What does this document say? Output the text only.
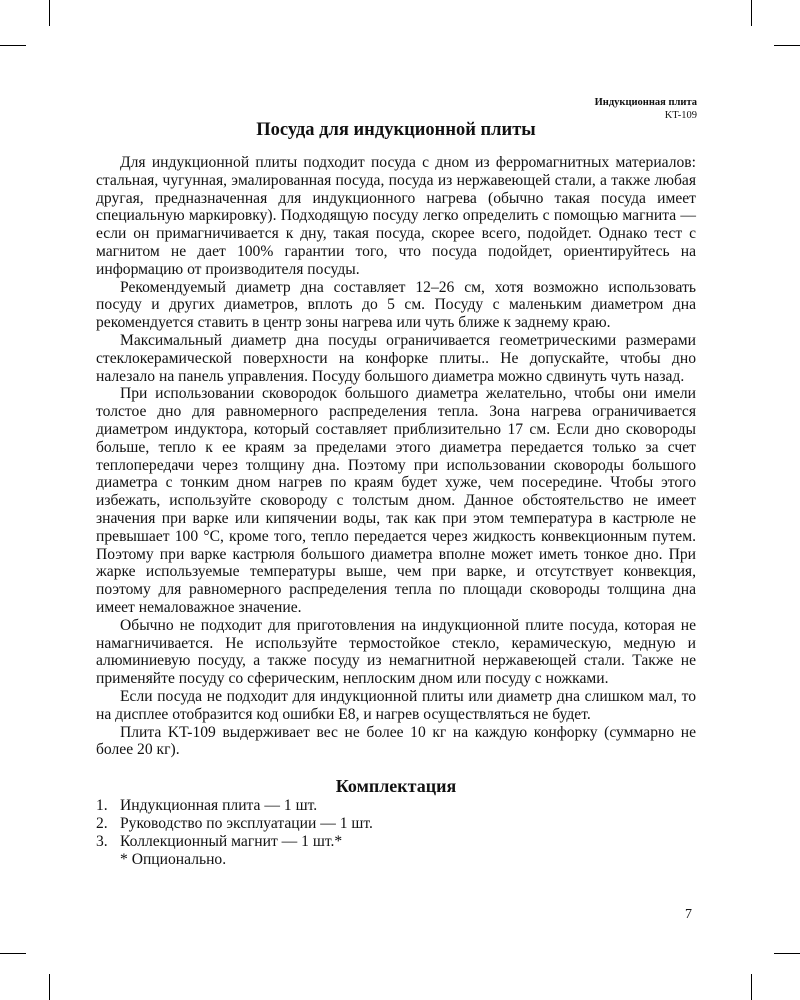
Индукционная плита
KT-109
Посуда для индукционной плиты

Для индукционной плиты подходит посуда с дном из ферромагнитных материалов: стальная, чугунная, эмалированная посуда, посуда из нержавеющей стали, а также любая другая, предназначенная для индукционного нагрева (обычно такая посуда имеет специальную маркировку). Подходящую посуду легко определить с помощью магнита — если он примагничивается к дну, такая посуда, скорее всего, подойдет. Однако тест с магнитом не дает 100% гарантии того, что посуда подойдет, ориентируйтесь на информацию от производителя посуды.

Рекомендуемый диаметр дна составляет 12–26 см, хотя возможно использовать посуду и других диаметров, вплоть до 5 см. Посуду с маленьким диаметром дна рекомендуется ставить в центр зоны нагрева или чуть ближе к заднему краю.

Максимальный диаметр дна посуды ограничивается геометрическими размерами стеклокерамической поверхности на конфорке плиты.. Не допускайте, чтобы дно налезало на панель управления. Посуду большого диаметра можно сдвинуть чуть назад.

При использовании сковородок большого диаметра желательно, чтобы они имели толстое дно для равномерного распределения тепла. Зона нагрева ограничивается диаметром индуктора, который составляет приблизительно 17 см. Если дно сковороды больше, тепло к ее краям за пределами этого диаметра передается только за счет теплопередачи через толщину дна. Поэтому при использовании сковороды большого диаметра с тонким дном нагрев по краям будет хуже, чем посередине. Чтобы этого избежать, используйте сковороду с толстым дном. Данное обстоятельство не имеет значения при варке или кипячении воды, так как при этом температура в кастрюле не превышает 100 °C, кроме того, тепло передается через жидкость конвекционным путем. Поэтому при варке кастрюля большого диаметра вполне может иметь тонкое дно. При жарке используемые температуры выше, чем при варке, и отсутствует конвекция, поэтому для равномерного распределения тепла по площади сковороды толщина дна имеет немаловажное значение.

Обычно не подходит для приготовления на индукционной плите посуда, которая не намагничивается. Не используйте термостойкое стекло, керамическую, медную и алюминиевую посуду, а также посуду из немагнитной нержавеющей стали. Также не применяйте посуду со сферическим, неплоским дном или посуду с ножками.

Если посуда не подходит для индукционной плиты или диаметр дна слишком мал, то на дисплее отобразится код ошибки E8, и нагрев осуществляться не будет.

Плита KT-109 выдерживает вес не более 10 кг на каждую конфорку (суммарно не более 20 кг).

Комплектация
1. Индукционная плита — 1 шт.
2. Руководство по эксплуатации — 1 шт.
3. Коллекционный магнит — 1 шт.*
* Опционально.
7
